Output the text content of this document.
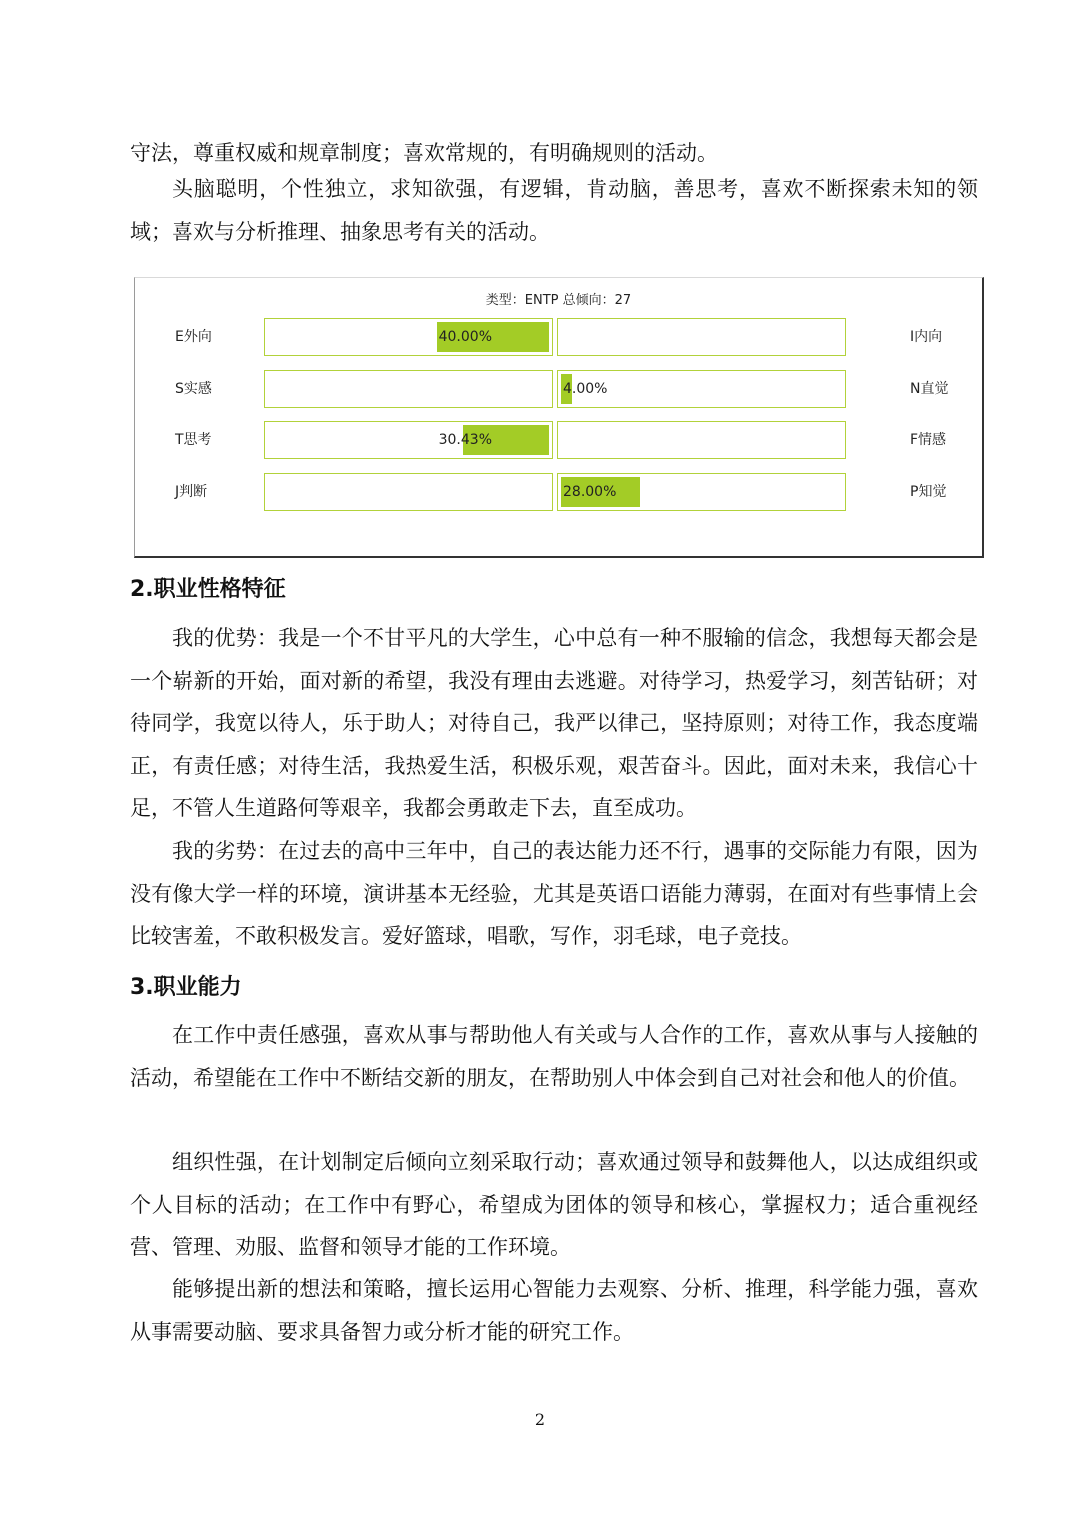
守法，尊重权威和规章制度；喜欢常规的，有明确规则的活动。

头脑聪明，个性独立，求知欲强，有逻辑，肯动脑，善思考，喜欢不断探索未知的领域；喜欢与分析推理、抽象思考有关的活动。

类型：ENTP 总倾向：27
E外向	40.00%	I内向
S实感	4.00%	N直觉
T思考	30.43%	F情感
J判断	28.00%	P知觉
2.职业性格特征

我的优势：我是一个不甘平凡的大学生，心中总有一种不服输的信念，我想每天都会是一个崭新的开始，面对新的希望，我没有理由去逃避。对待学习，热爱学习，刻苦钻研；对待同学，我宽以待人，乐于助人；对待自己，我严以律己，坚持原则；对待工作，我态度端正，有责任感；对待生活，我热爱生活，积极乐观，艰苦奋斗。因此，面对未来，我信心十足，不管人生道路何等艰辛，我都会勇敢走下去，直至成功。

我的劣势：在过去的高中三年中，自己的表达能力还不行，遇事的交际能力有限，因为没有像大学一样的环境，演讲基本无经验，尤其是英语口语能力薄弱，在面对有些事情上会比较害羞，不敢积极发言。爱好篮球，唱歌，写作，羽毛球，电子竞技。

3.职业能力

在工作中责任感强，喜欢从事与帮助他人有关或与人合作的工作，喜欢从事与人接触的活动，希望能在工作中不断结交新的朋友，在帮助别人中体会到自己对社会和他人的价值。

组织性强，在计划制定后倾向立刻采取行动；喜欢通过领导和鼓舞他人，以达成组织或个人目标的活动；在工作中有野心，希望成为团体的领导和核心，掌握权力；适合重视经营、管理、劝服、监督和领导才能的工作环境。

能够提出新的想法和策略，擅长运用心智能力去观察、分析、推理，科学能力强，喜欢从事需要动脑、要求具备智力或分析才能的研究工作。

2
